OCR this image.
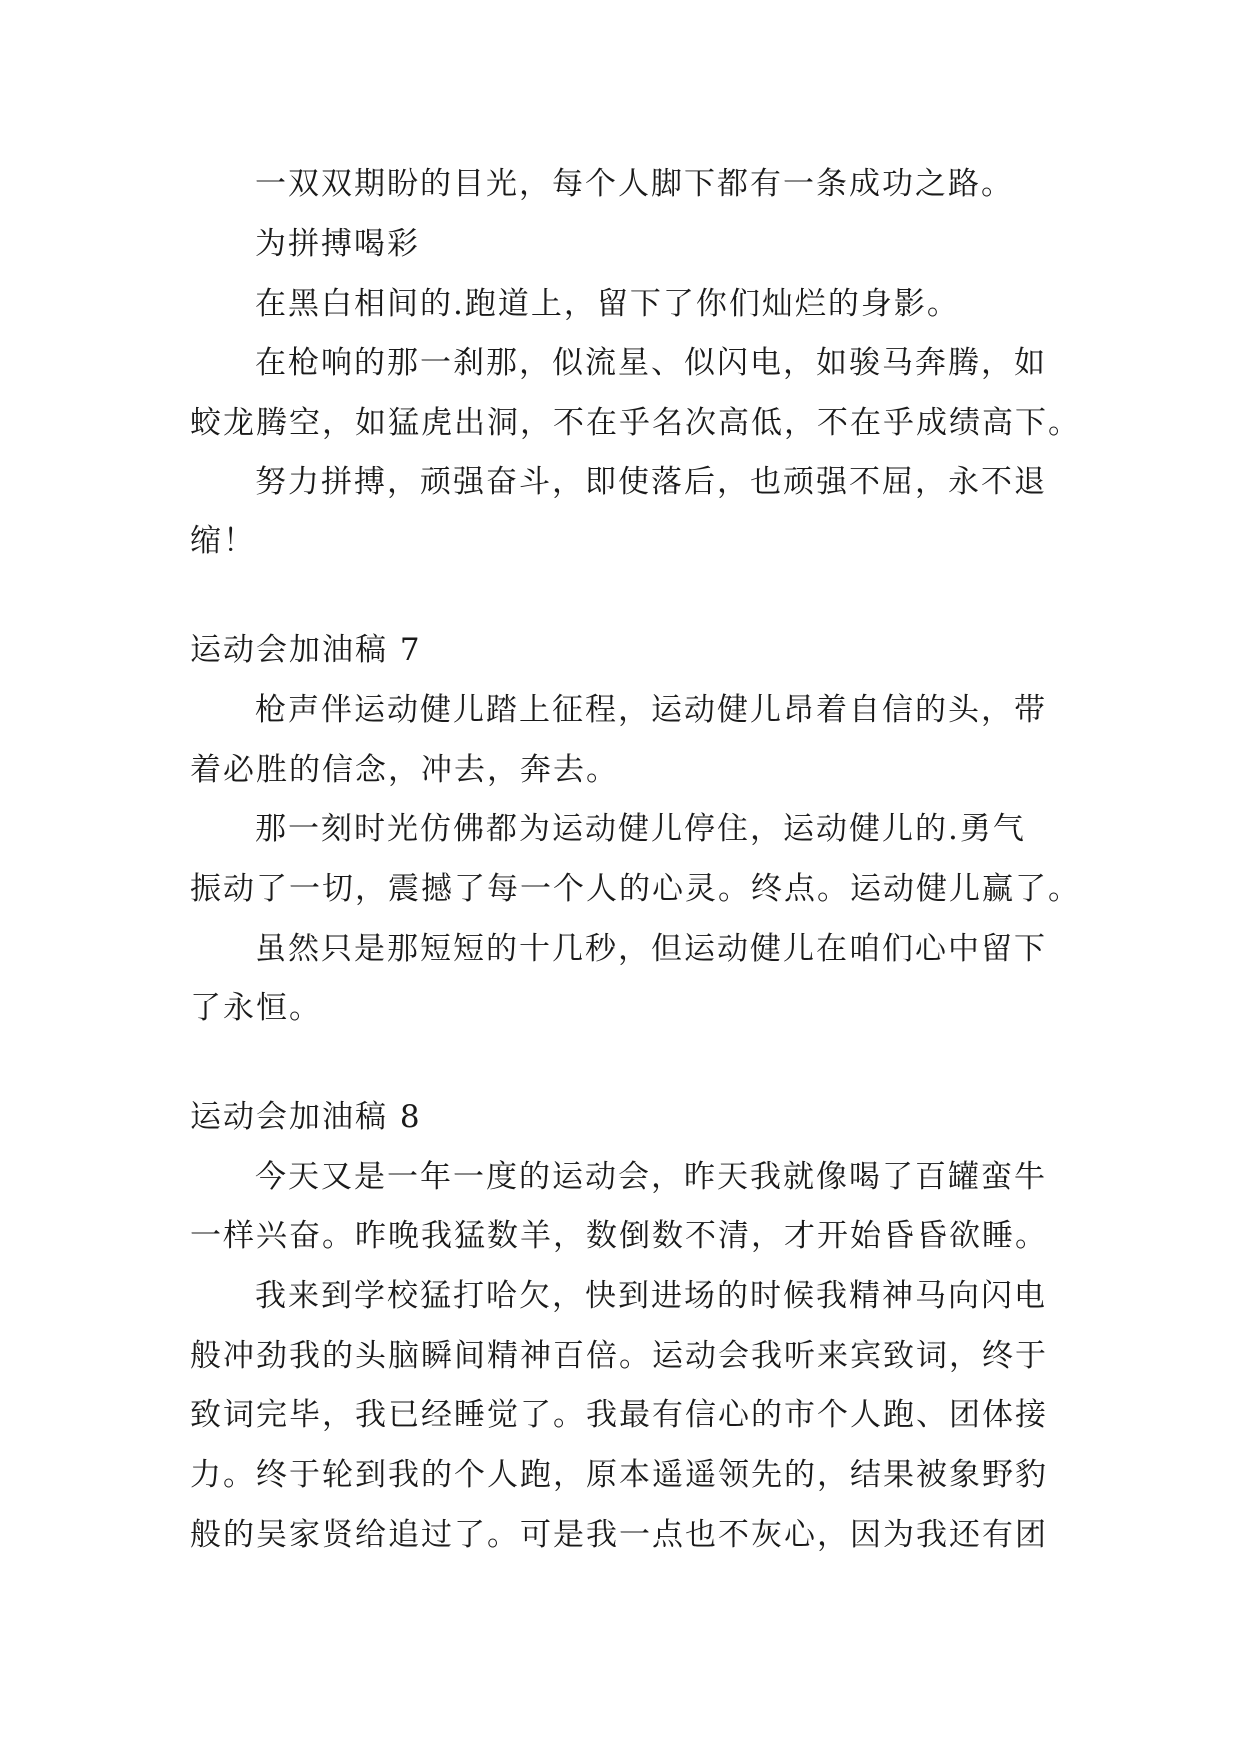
一双双期盼的目光，每个人脚下都有一条成功之路。
为拼搏喝彩
在黑白相间的.跑道上，留下了你们灿烂的身影。
在枪响的那一刹那，似流星、似闪电，如骏马奔腾，如
蛟龙腾空，如猛虎出洞，不在乎名次高低，不在乎成绩高下。
努力拼搏，顽强奋斗，即使落后，也顽强不屈，永不退
缩！
运动会加油稿 7
枪声伴运动健儿踏上征程，运动健儿昂着自信的头，带
着必胜的信念，冲去，奔去。
那一刻时光仿佛都为运动健儿停住，运动健儿的.勇气
振动了一切，震撼了每一个人的心灵。终点。运动健儿赢了。
虽然只是那短短的十几秒，但运动健儿在咱们心中留下
了永恒。
运动会加油稿 8
今天又是一年一度的运动会，昨天我就像喝了百罐蛮牛
一样兴奋。昨晚我猛数羊，数倒数不清，才开始昏昏欲睡。
我来到学校猛打哈欠，快到进场的时候我精神马向闪电
般冲劲我的头脑瞬间精神百倍。运动会我听来宾致词，终于
致词完毕，我已经睡觉了。我最有信心的市个人跑、团体接
力。终于轮到我的个人跑，原本遥遥领先的，结果被象野豹
般的吴家贤给追过了。可是我一点也不灰心，因为我还有团
